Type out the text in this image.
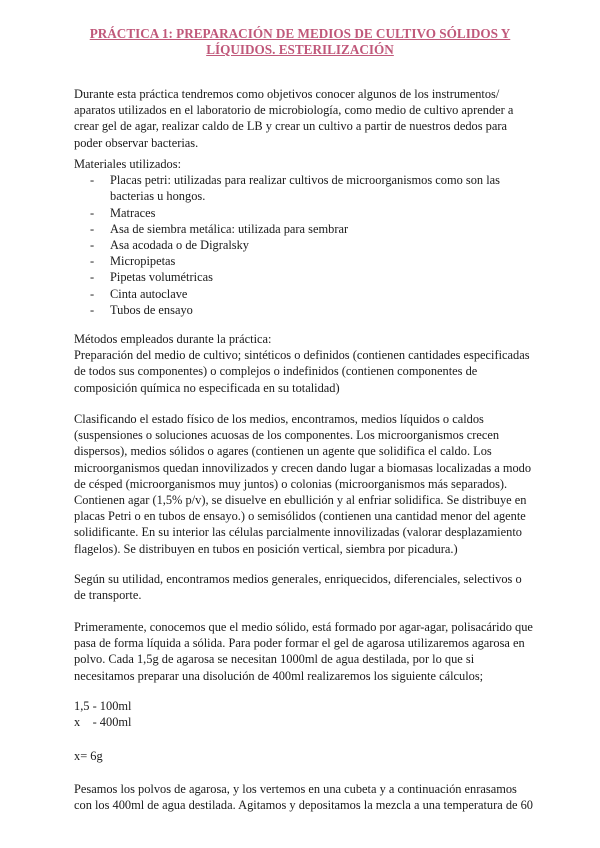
PRÁCTICA 1: PREPARACIÓN DE MEDIOS DE CULTIVO SÓLIDOS Y LÍQUIDOS. ESTERILIZACIÓN

Durante esta práctica tendremos como objetivos conocer algunos de los instrumentos/ aparatos utilizados en el laboratorio de microbiología, como medio de cultivo aprender a crear gel de agar, realizar caldo de LB y crear un cultivo a partir de nuestros dedos para poder observar bacterias.

Materiales utilizados:

- Placas petri: utilizadas para realizar cultivos de microorganismos como son las bacterias u hongos.
- Matraces
- Asa de siembra metálica: utilizada para sembrar
- Asa acodada o de Digralsky
- Micropipetas
- Pipetas volumétricas
- Cinta autoclave
- Tubos de ensayo

Métodos empleados durante la práctica:

Preparación del medio de cultivo; sintéticos o definidos (contienen cantidades especificadas de todos sus componentes) o complejos o indefinidos (contienen componentes de composición química no especificada en su totalidad)

Clasificando el estado físico de los medios, encontramos, medios líquidos o caldos (suspensiones o soluciones acuosas de los componentes. Los microorganismos crecen dispersos), medios sólidos o agares (contienen un agente que solidifica el caldo. Los microorganismos quedan innovilizados y crecen dando lugar a biomasas localizadas a modo de césped (microorganismos muy juntos) o colonias (microorganismos más separados). Contienen agar (1,5% p/v), se disuelve en ebullición y al enfriar solidifica. Se distribuye en placas Petri o en tubos de ensayo.) o semisólidos (contienen una cantidad menor del agente solidificante. En su interior las células parcialmente innovilizadas (valorar desplazamiento flagelos). Se distribuyen en tubos en posición vertical, siembra por picadura.)

Según su utilidad, encontramos medios generales, enriquecidos, diferenciales, selectivos o de transporte.

Primeramente, conocemos que el medio sólido, está formado por agar-agar, polisacárido que pasa de forma líquida a sólida. Para poder formar el gel de agarosa utilizaremos agarosa en polvo. Cada 1,5g de agarosa se necesitan 1000ml de agua destilada, por lo que si necesitamos preparar una disolución de 400ml realizaremos los siguiente cálculos;

1,5 - 100ml

x    - 400ml

x= 6g

Pesamos los polvos de agarosa, y los vertemos en una cubeta y a continuación enrasamos con los 400ml de agua destilada. Agitamos y depositamos la mezcla a una temperatura de 60
